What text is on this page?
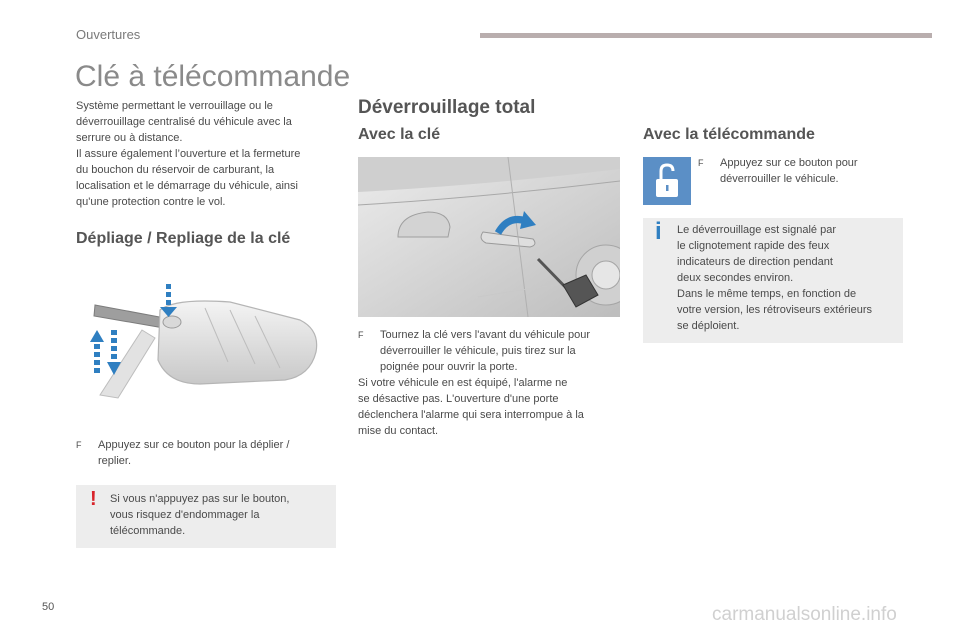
Ouvertures
Clé à télécommande
Système permettant le verrouillage ou le
déverrouillage centralisé du véhicule avec la
serrure ou à distance.
Il assure également l’ouverture et la fermeture
du bouchon du réservoir de carburant, la
localisation et le démarrage du véhicule, ainsi
qu'une protection contre le vol.
Dépliage / Repliage de la clé
F	Appuyez sur ce bouton pour la déplier /
replier.
! Si vous n'appuyez pas sur le bouton,
vous risquez d'endommager la
télécommande.
Déverrouillage total
Avec la clé
F	Tournez la clé vers l'avant du véhicule pour
déverrouiller le véhicule, puis tirez sur la
poignée pour ouvrir la porte.
Si votre véhicule en est équipé, l'alarme ne
se désactive pas. L'ouverture d'une porte
déclenchera l'alarme qui sera interrompue à la
mise du contact.
Avec la télécommande
F	Appuyez sur ce bouton pour
déverrouiller le véhicule.
i Le déverrouillage est signalé par
le clignotement rapide des feux
indicateurs de direction pendant
deux secondes environ.
Dans le même temps, en fonction de
votre version, les rétroviseurs extérieurs
se déploient.
50	carmanualsonline.info
